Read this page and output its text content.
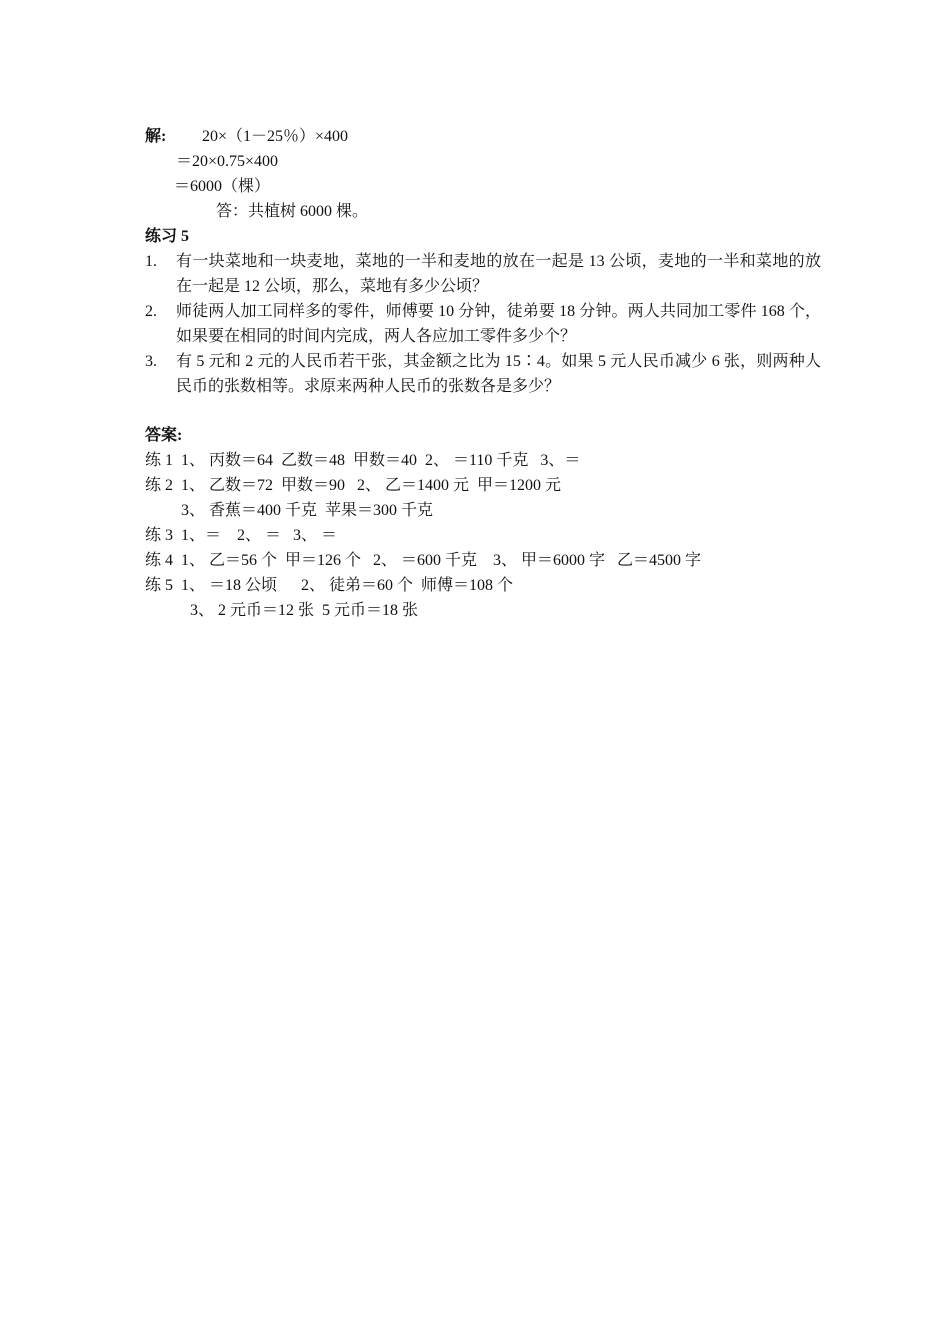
解: 20×（1－25％）×400
＝20×0.75×400
＝6000（棵）
答：共植树 6000 棵。
练习 5
1. 有一块菜地和一块麦地，菜地的一半和麦地的放在一起是 13 公顷，麦地的一半和菜地的放在一起是 12 公顷，那么，菜地有多少公顷？
2. 师徒两人加工同样多的零件，师傅要 10 分钟，徒弟要 18 分钟。两人共同加工零件 168 个，如果要在相同的时间内完成，两人各应加工零件多少个？
3. 有 5 元和 2 元的人民币若干张，其金额之比为 15∶4。如果 5 元人民币减少 6 张，则两种人民币的张数相等。求原来两种人民币的张数各是多少？
答案:
练 1  1、 丙数＝64  乙数＝48  甲数＝40  2、 ＝110 千克   3、＝
练 2  1、 乙数＝72  甲数＝90   2、 乙＝1400 元  甲＝1200 元
3、 香蕉＝400 千克  苹果＝300 千克
练 3  1、＝    2、 ＝   3、 ＝
练 4  1、 乙＝56 个  甲＝126 个   2、 ＝600 千克    3、 甲＝6000 字   乙＝4500 字
练 5  1、 ＝18 公顷      2、 徒弟＝60 个  师傅＝108 个
3、 2 元币＝12 张  5 元币＝18 张
